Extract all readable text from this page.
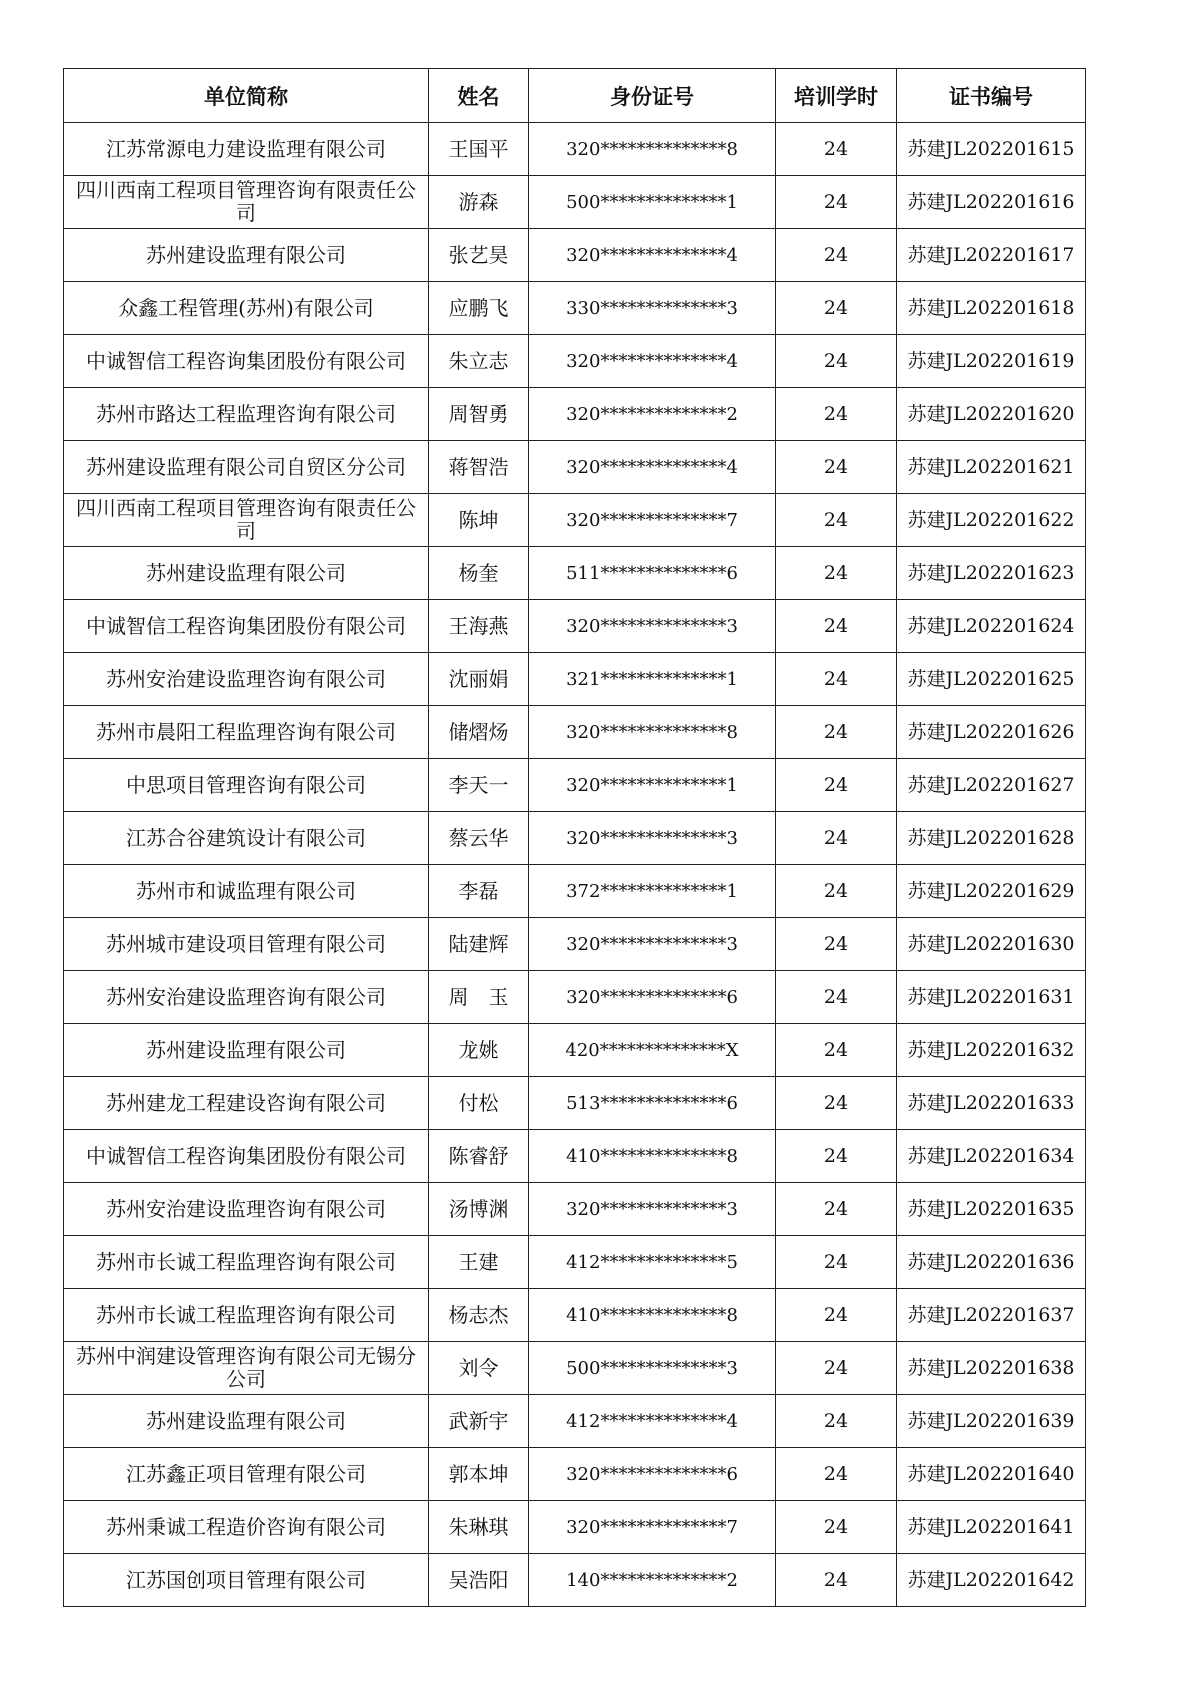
单位简称	姓名	身份证号	培训学时	证书编号
江苏常源电力建设监理有限公司	王国平	320**************8	24	苏建JL202201615
四川西南工程项目管理咨询有限责任公司	游森	500**************1	24	苏建JL202201616
苏州建设监理有限公司	张艺昊	320**************4	24	苏建JL202201617
众鑫工程管理(苏州)有限公司	应鹏飞	330**************3	24	苏建JL202201618
中诚智信工程咨询集团股份有限公司	朱立志	320**************4	24	苏建JL202201619
苏州市路达工程监理咨询有限公司	周智勇	320**************2	24	苏建JL202201620
苏州建设监理有限公司自贸区分公司	蒋智浩	320**************4	24	苏建JL202201621
四川西南工程项目管理咨询有限责任公司	陈坤	320**************7	24	苏建JL202201622
苏州建设监理有限公司	杨奎	511**************6	24	苏建JL202201623
中诚智信工程咨询集团股份有限公司	王海燕	320**************3	24	苏建JL202201624
苏州安治建设监理咨询有限公司	沈丽娟	321**************1	24	苏建JL202201625
苏州市晨阳工程监理咨询有限公司	储熠炀	320**************8	24	苏建JL202201626
中思项目管理咨询有限公司	李天一	320**************1	24	苏建JL202201627
江苏合谷建筑设计有限公司	蔡云华	320**************3	24	苏建JL202201628
苏州市和诚监理有限公司	李磊	372**************1	24	苏建JL202201629
苏州城市建设项目管理有限公司	陆建辉	320**************3	24	苏建JL202201630
苏州安治建设监理咨询有限公司	周　玉	320**************6	24	苏建JL202201631
苏州建设监理有限公司	龙姚	420**************X	24	苏建JL202201632
苏州建龙工程建设咨询有限公司	付松	513**************6	24	苏建JL202201633
中诚智信工程咨询集团股份有限公司	陈睿舒	410**************8	24	苏建JL202201634
苏州安治建设监理咨询有限公司	汤博渊	320**************3	24	苏建JL202201635
苏州市长诚工程监理咨询有限公司	王建	412**************5	24	苏建JL202201636
苏州市长诚工程监理咨询有限公司	杨志杰	410**************8	24	苏建JL202201637
苏州中润建设管理咨询有限公司无锡分公司	刘令	500**************3	24	苏建JL202201638
苏州建设监理有限公司	武新宇	412**************4	24	苏建JL202201639
江苏鑫正项目管理有限公司	郭本坤	320**************6	24	苏建JL202201640
苏州秉诚工程造价咨询有限公司	朱琳琪	320**************7	24	苏建JL202201641
江苏国创项目管理有限公司	吴浩阳	140**************2	24	苏建JL202201642
